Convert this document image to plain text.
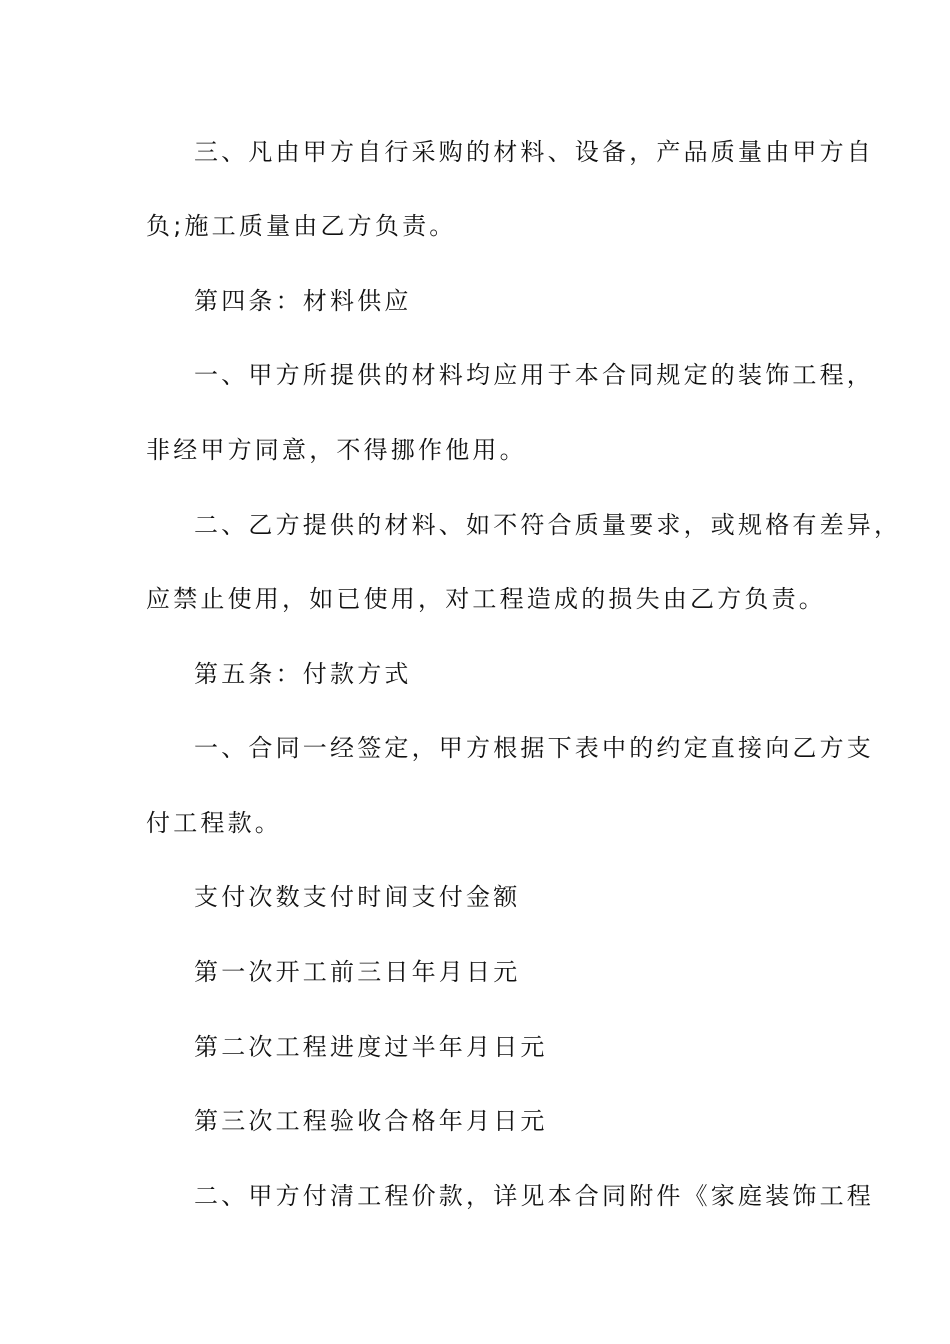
三、凡由甲方自行采购的材料、设备，产品质量由甲方自
负;施工质量由乙方负责。
第四条：材料供应
一、甲方所提供的材料均应用于本合同规定的装饰工程，
非经甲方同意，不得挪作他用。
二、乙方提供的材料、如不符合质量要求，或规格有差异，
应禁止使用，如已使用，对工程造成的损失由乙方负责。
第五条：付款方式
一、合同一经签定，甲方根据下表中的约定直接向乙方支
付工程款。
支付次数支付时间支付金额
第一次开工前三日年月日元
第二次工程进度过半年月日元
第三次工程验收合格年月日元
二、甲方付清工程价款，详见本合同附件《家庭装饰工程
